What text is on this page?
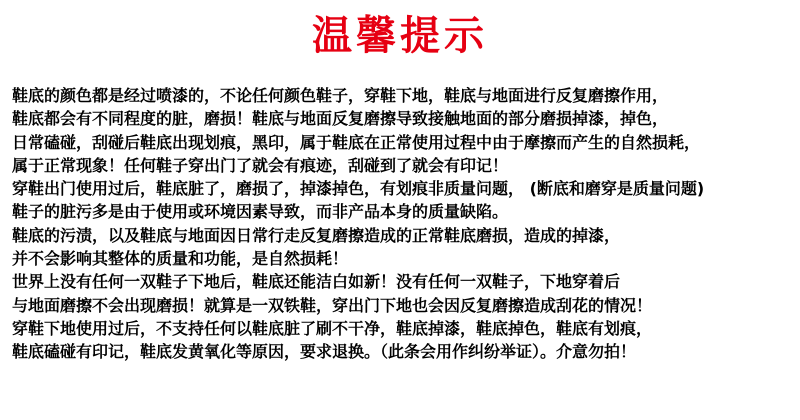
温馨提示
鞋底的颜色都是经过喷漆的，不论任何颜色鞋子，穿鞋下地，鞋底与地面进行反复磨擦作用，
鞋底都会有不同程度的脏，磨损！鞋底与地面反复磨擦导致接触地面的部分磨损掉漆，掉色，
日常磕碰，刮碰后鞋底出现划痕，黑印，属于鞋底在正常使用过程中由于摩擦而产生的自然损耗，
属于正常现象！任何鞋子穿出门了就会有痕迹，刮碰到了就会有印记！
穿鞋出门使用过后，鞋底脏了，磨损了，掉漆掉色，有划痕非质量问题， (断底和磨穿是质量问题)
鞋子的脏污多是由于使用或环境因素导致，而非产品本身的质量缺陷。
鞋底的污渍，以及鞋底与地面因日常行走反复磨擦造成的正常鞋底磨损，造成的掉漆，
并不会影响其整体的质量和功能，是自然损耗！
世界上没有任何一双鞋子下地后，鞋底还能洁白如新！没有任何一双鞋子，下地穿着后
与地面磨擦不会出现磨损！就算是一双铁鞋，穿出门下地也会因反复磨擦造成刮花的情况！
穿鞋下地使用过后，不支持任何以鞋底脏了刷不干净，鞋底掉漆，鞋底掉色，鞋底有划痕，
鞋底磕碰有印记，鞋底发黄氧化等原因，要求退换。（此条会用作纠纷举证）。介意勿拍！
